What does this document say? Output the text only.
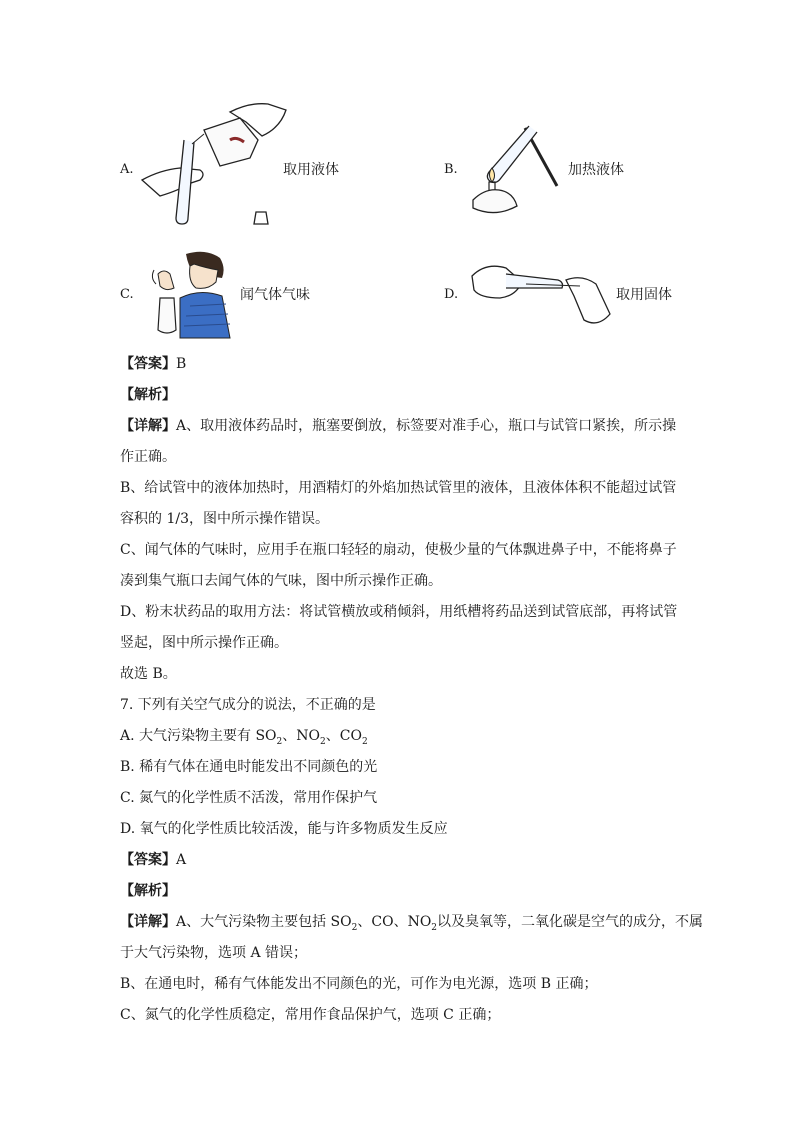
A.	取用液体	B.	加热液体
C.	闻气体气味	D.	取用固体
【答案】B
【解析】
【详解】A、取用液体药品时，瓶塞要倒放，标签要对准手心，瓶口与试管口紧挨，所示操
作正确。
B、给试管中的液体加热时，用酒精灯的外焰加热试管里的液体，且液体体积不能超过试管
容积的 1/3，图中所示操作错误。
C、闻气体的气味时，应用手在瓶口轻轻的扇动，使极少量的气体飘进鼻子中，不能将鼻子
凑到集气瓶口去闻气体的气味，图中所示操作正确。
D、粉末状药品的取用方法：将试管横放或稍倾斜，用纸槽将药品送到试管底部，再将试管
竖起，图中所示操作正确。
故选 B。
7. 下列有关空气成分的说法，不正确的是
A. 大气污染物主要有 $SO_2$、$NO_2$、$CO_2$
B. 稀有气体在通电时能发出不同颜色的光
C. 氮气的化学性质不活泼，常用作保护气
D. 氧气的化学性质比较活泼，能与许多物质发生反应
【答案】A
【解析】
【详解】A、大气污染物主要包括 $SO_2$、CO、$NO_2$以及臭氧等，二氧化碳是空气的成分，不属
于大气污染物，选项 A 错误；
B、在通电时，稀有气体能发出不同颜色的光，可作为电光源，选项 B 正确；
C、氮气的化学性质稳定，常用作食品保护气，选项 C 正确；
